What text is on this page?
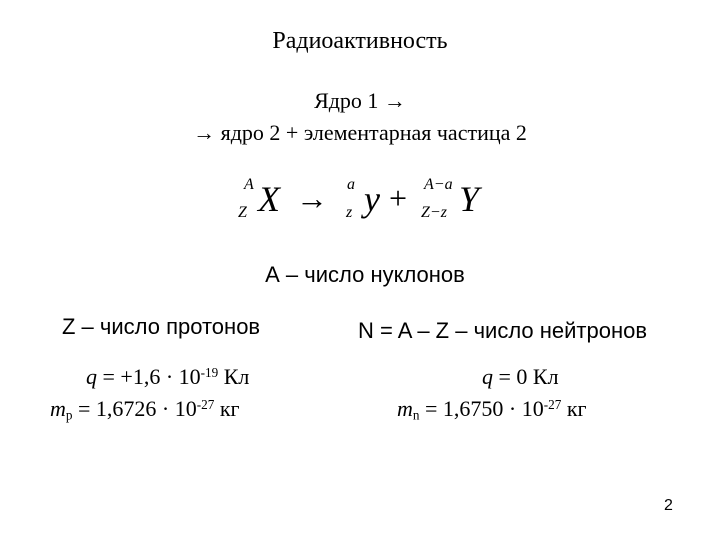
Радиоактивность
Ядро 1 →
→ ядро 2 + элементарная частица 2
A
Z X → a
z y + A−a
Z−z Y
А – число нуклонов
Z – число протонов	N = A – Z – число нейтронов
$q = +1,6 \cdot 10^{-19}$ Кл
$m_p = 1,6726 \cdot 10^{-27}$ кг
q = 0 Кл
$m_n = 1,6750 \cdot 10^{-27}$ кг
2
